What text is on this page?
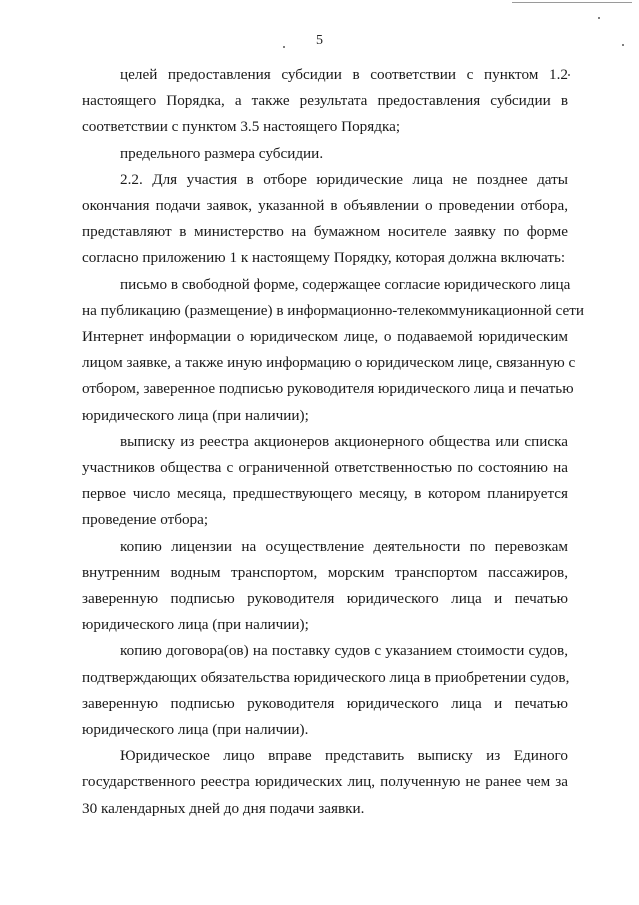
5
целей предоставления субсидии в соответствии с пунктом 1.2
настоящего Порядка, а также результата предоставления субсидии в
соответствии с пунктом 3.5 настоящего Порядка;
предельного размера субсидии.
2.2. Для участия в отборе юридические лица не позднее даты
окончания подачи заявок, указанной в объявлении о проведении отбора,
представляют в министерство на бумажном носителе заявку по форме
согласно приложению 1 к настоящему Порядку, которая должна включать:
письмо в свободной форме, содержащее согласие юридического лица
на публикацию (размещение) в информационно-телекоммуникационной сети
Интернет информации о юридическом лице, о подаваемой юридическим
лицом заявке, а также иную информацию о юридическом лице, связанную с
отбором, заверенное подписью руководителя юридического лица и печатью
юридического лица (при наличии);
выписку из реестра акционеров акционерного общества или списка
участников общества с ограниченной ответственностью по состоянию на
первое число месяца, предшествующего месяцу, в котором планируется
проведение отбора;
копию лицензии на осуществление деятельности по перевозкам
внутренним водным транспортом, морским транспортом пассажиров,
заверенную подписью руководителя юридического лица и печатью
юридического лица (при наличии);
копию договора(ов) на поставку судов с указанием стоимости судов,
подтверждающих обязательства юридического лица в приобретении судов,
заверенную подписью руководителя юридического лица и печатью
юридического лица (при наличии).
Юридическое лицо вправе представить выписку из Единого
государственного реестра юридических лиц, полученную не ранее чем за
30 календарных дней до дня подачи заявки.
